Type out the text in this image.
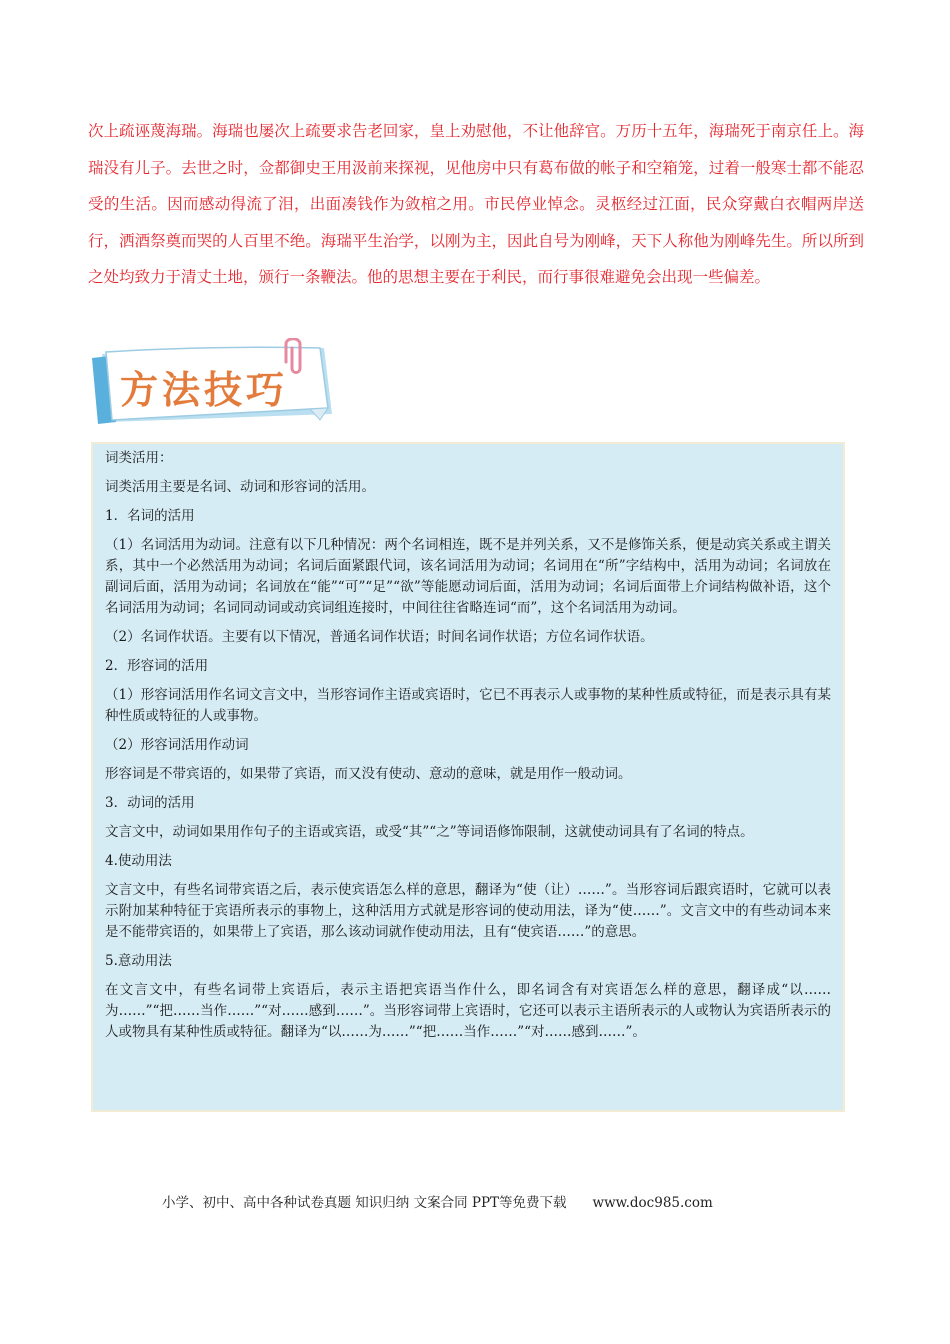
次上疏诬蔑海瑞。海瑞也屡次上疏要求告老回家，皇上劝慰他，不让他辞官。万历十五年，海瑞死于南京任上。海瑞没有儿子。去世之时，佥都御史王用汲前来探视，见他房中只有葛布做的帐子和空箱笼，过着一般寒士都不能忍受的生活。因而感动得流了泪，出面凑钱作为敛棺之用。市民停业悼念。灵柩经过江面，民众穿戴白衣帽两岸送行，洒酒祭奠而哭的人百里不绝。海瑞平生治学，以刚为主，因此自号为刚峰，天下人称他为刚峰先生。所以所到之处均致力于清丈土地，颁行一条鞭法。他的思想主要在于利民，而行事很难避免会出现一些偏差。
方法技巧

词类活用：

词类活用主要是名词、动词和形容词的活用。

1．名词的活用

（1）名词活用为动词。注意有以下几种情况：两个名词相连，既不是并列关系，又不是修饰关系，便是动宾关系或主谓关系，其中一个必然活用为动词；名词后面紧跟代词，该名词活用为动词；名词用在“所”字结构中，活用为动词；名词放在副词后面，活用为动词；名词放在“能”“可”“足”“欲”等能愿动词后面，活用为动词；名词后面带上介词结构做补语，这个名词活用为动词；名词同动词或动宾词组连接时，中间往往省略连词“而”，这个名词活用为动词。

（2）名词作状语。主要有以下情况，普通名词作状语；时间名词作状语；方位名词作状语。

2．形容词的活用

（1）形容词活用作名词文言文中，当形容词作主语或宾语时，它已不再表示人或事物的某种性质或特征，而是表示具有某种性质或特征的人或事物。

（2）形容词活用作动词

形容词是不带宾语的，如果带了宾语，而又没有使动、意动的意味，就是用作一般动词。

3．动词的活用

文言文中，动词如果用作句子的主语或宾语，或受“其”“之”等词语修饰限制，这就使动词具有了名词的特点。

4.使动用法

文言文中，有些名词带宾语之后，表示使宾语怎么样的意思，翻译为“使（让）……”。当形容词后跟宾语时，它就可以表示附加某种特征于宾语所表示的事物上，这种活用方式就是形容词的使动用法，译为“使……”。文言文中的有些动词本来是不能带宾语的，如果带上了宾语，那么该动词就作使动用法，且有“使宾语……”的意思。

5.意动用法

在文言文中，有些名词带上宾语后，表示主语把宾语当作什么，即名词含有对宾语怎么样的意思，翻译成“以……为……”“把……当作……”“对……感到……”。当形容词带上宾语时，它还可以表示主语所表示的人或物认为宾语所表示的人或物具有某种性质或特征。翻译为“以……为……”“把……当作……”“对……感到……”。

小学、初中、高中各种试卷真题 知识归纳 文案合同 PPT等免费下载 www.doc985.com
